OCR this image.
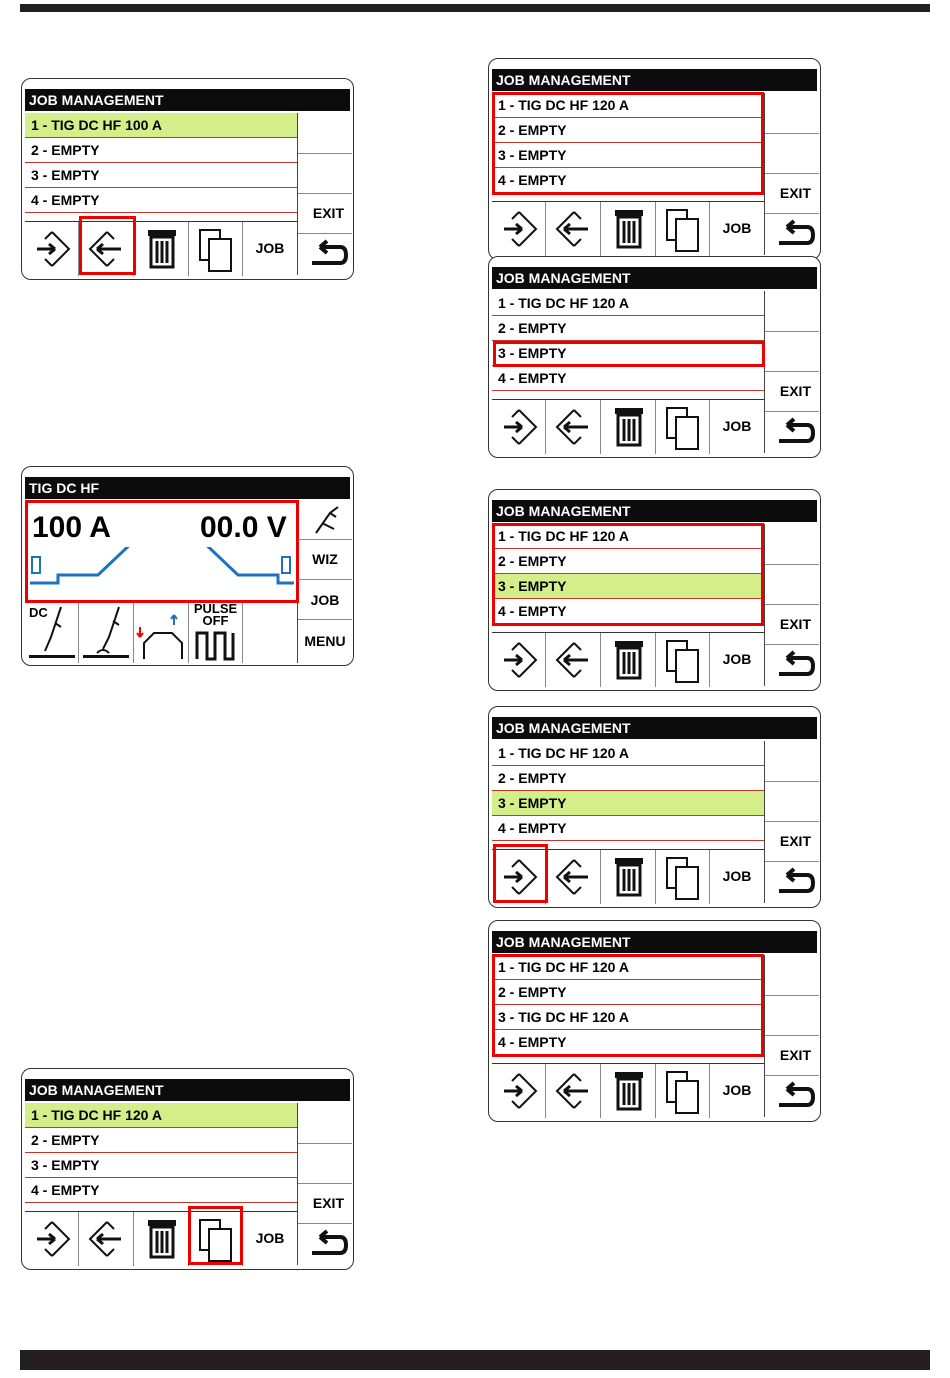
JOB MANAGEMENT
1 - TIG DC HF 100 A
2 - EMPTY
3 - EMPTY
4 - EMPTY
EXIT
JOB
TIG DC HF
100 A	00.0 V
WIZ
JOB
MENU
DC	PULSE
OFF
JOB MANAGEMENT
1 - TIG DC HF 120 A
2 - EMPTY
3 - EMPTY
4 - EMPTY
EXIT
JOB
JOB MANAGEMENT
1 - TIG DC HF 120 A
2 - EMPTY
3 - EMPTY
4 - EMPTY
EXIT
JOB
JOB MANAGEMENT
1 - TIG DC HF 120 A
2 - EMPTY
3 - EMPTY
4 - EMPTY
EXIT
JOB
JOB MANAGEMENT
1 - TIG DC HF 120 A
2 - EMPTY
3 - EMPTY
4 - EMPTY
EXIT
JOB
JOB MANAGEMENT
1 - TIG DC HF 120 A
2 - EMPTY
3 - EMPTY
4 - EMPTY
EXIT
JOB
JOB MANAGEMENT
1 - TIG DC HF 120 A
2 - EMPTY
3 - TIG DC HF 120 A
4 - EMPTY
EXIT
JOB
